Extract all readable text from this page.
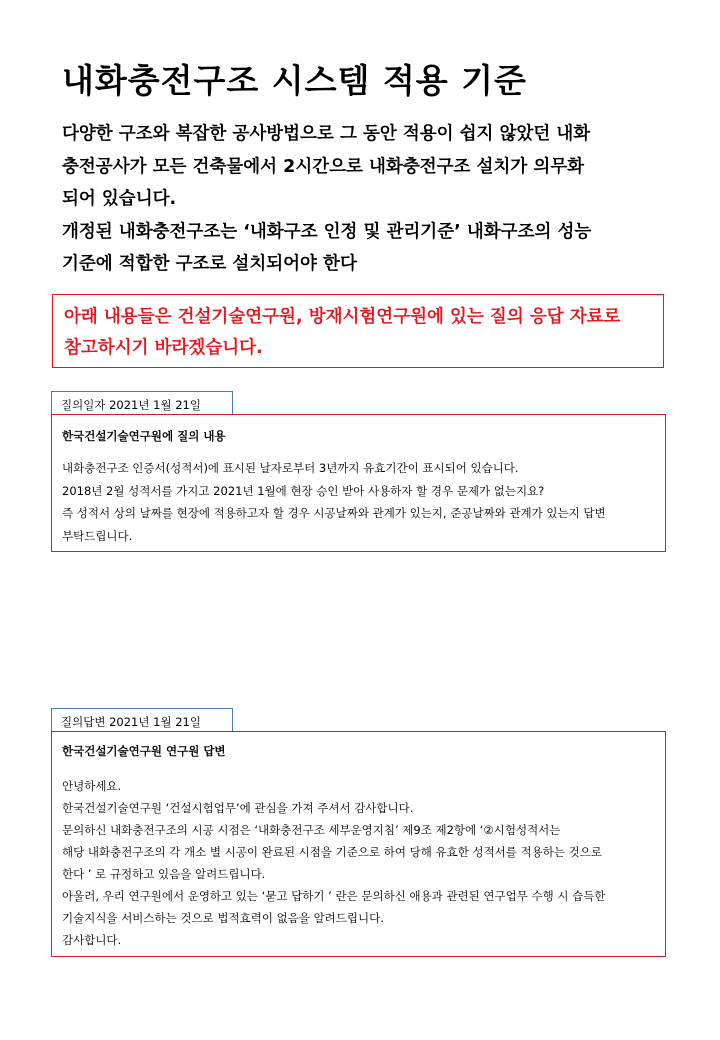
내화충전구조 시스템 적용 기준
다양한 구조와 복잡한 공사방법으로 그 동안 적용이 쉽지 않았던 내화
충전공사가 모든 건축물에서 2시간으로 내화충전구조 설치가 의무화
되어 있습니다.
개정된 내화충전구조는 ‘내화구조 인정 및 관리기준’ 내화구조의 성능
기준에 적합한 구조로 설치되어야 한다
아래 내용들은 건설기술연구원, 방재시험연구원에 있는 질의 응답 자료로
참고하시기 바라겠습니다.
질의일자 2021년 1월 21일
한국건설기술연구원에 질의 내용
내화충전구조 인증서(성적서)에 표시된 날자로부터 3년까지 유효기간이 표시되어 있습니다.
2018년 2월 성적서를 가지고 2021년 1월에 현장 승인 받아 사용하자 할 경우 문제가 없는지요?
즉 성적서 상의 날짜를 현장에 적용하고자 할 경우 시공날짜와 관계가 있는지, 준공날짜와 관계가 있는지 답변
부탁드립니다.
질의답변 2021년 1월 21일
한국건설기술연구원 연구원 답변
안녕하세요.
한국건설기술연구원 ‘건설시험업무’에 관심을 가져 주셔서 감사합니다.
문의하신 내화충전구조의 시공 시점은 ‘내화충전구조 세부운영지침’ 제9조 제2항에 ‘②시험성적서는
해당 내화충전구조의 각 개소 별 시공이 완료된 시점을 기준으로 하여 당해 유효한 성적서를 적용하는 것으로
한다 ’ 로 규정하고 있음을 알려드립니다.
아울러, 우리 연구원에서 운영하고 있는 ‘묻고 답하기 ’ 란은 문의하신 애용과 관련된 연구업무 수행 시 습득한
기술지식을 서비스하는 것으로 법적효력이 없음을 알려드립니다.
감사합니다.
